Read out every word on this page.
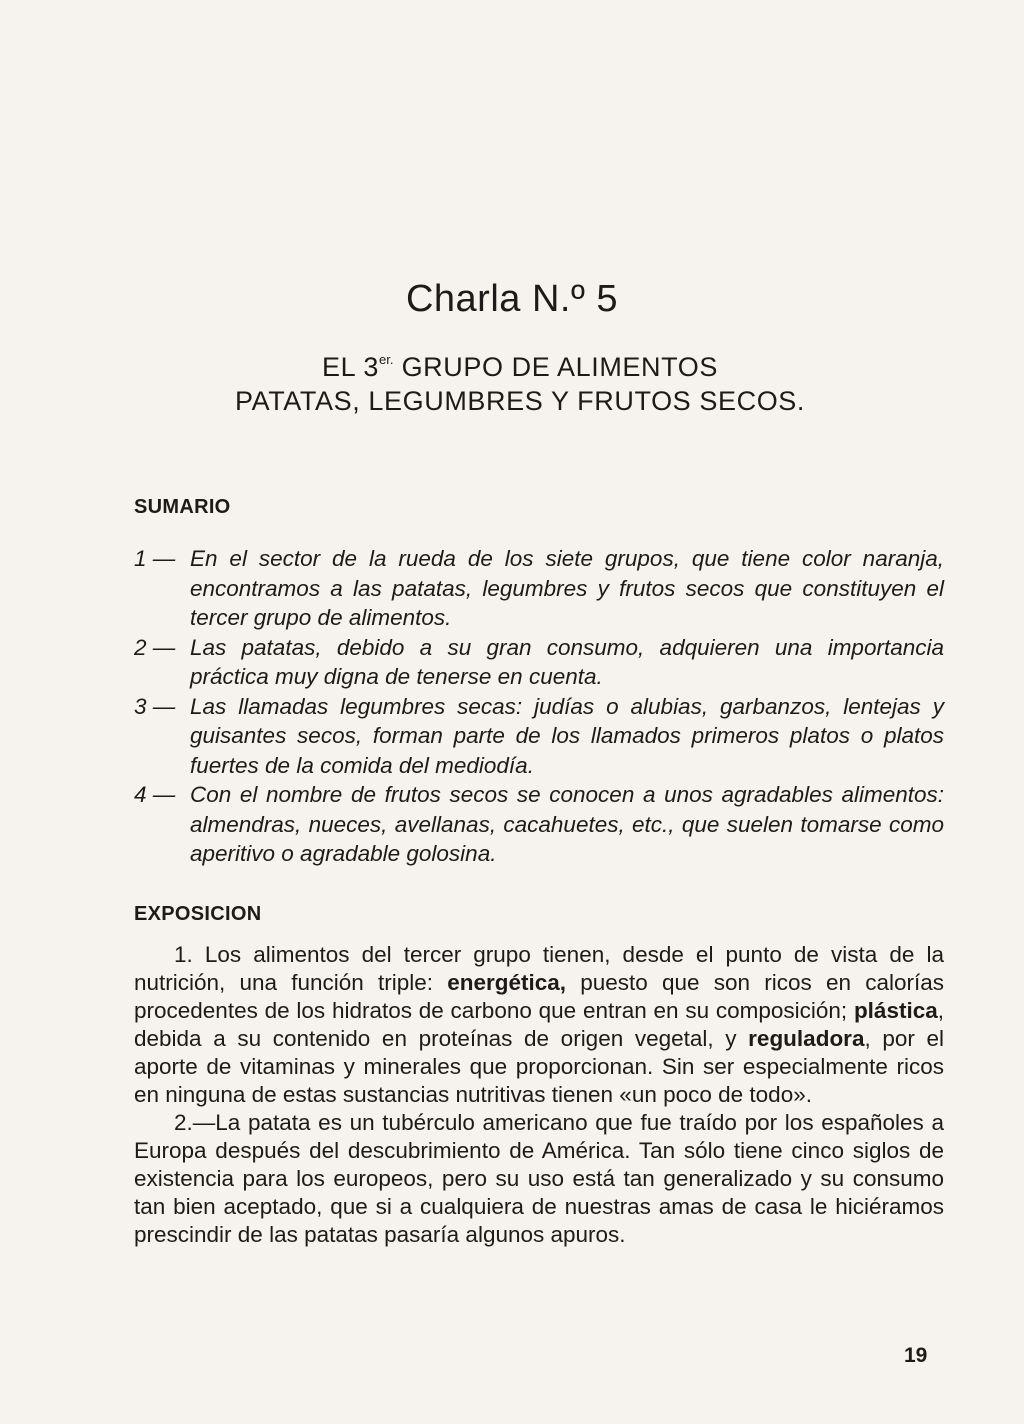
Charla N.º 5
EL $3^{er.}$ GRUPO DE ALIMENTOS
PATATAS, LEGUMBRES Y FRUTOS SECOS.
SUMARIO
1 — En el sector de la rueda de los siete grupos, que tiene color naranja, encontramos a las patatas, legumbres y frutos secos que constituyen el tercer grupo de alimentos.
2 — Las patatas, debido a su gran consumo, adquieren una importancia práctica muy digna de tenerse en cuenta.
3 — Las llamadas legumbres secas: judías o alubias, garbanzos, lentejas y guisantes secos, forman parte de los llamados primeros platos o platos fuertes de la comida del mediodía.
4 — Con el nombre de frutos secos se conocen a unos agradables alimentos: almendras, nueces, avellanas, cacahuetes, etc., que suelen tomarse como aperitivo o agradable golosina.
EXPOSICION

1. Los alimentos del tercer grupo tienen, desde el punto de vista de la nutrición, una función triple: energética, puesto que son ricos en calorías procedentes de los hidratos de carbono que entran en su composición; plástica, debida a su contenido en proteínas de origen vegetal, y reguladora, por el aporte de vitaminas y minerales que proporcionan. Sin ser especialmente ricos en ninguna de estas sustancias nutritivas tienen «un poco de todo».

2.—La patata es un tubérculo americano que fue traído por los españoles a Europa después del descubrimiento de América. Tan sólo tiene cinco siglos de existencia para los europeos, pero su uso está tan generalizado y su consumo tan bien aceptado, que si a cualquiera de nuestras amas de casa le hiciéramos prescindir de las patatas pasaría algunos apuros.

19
